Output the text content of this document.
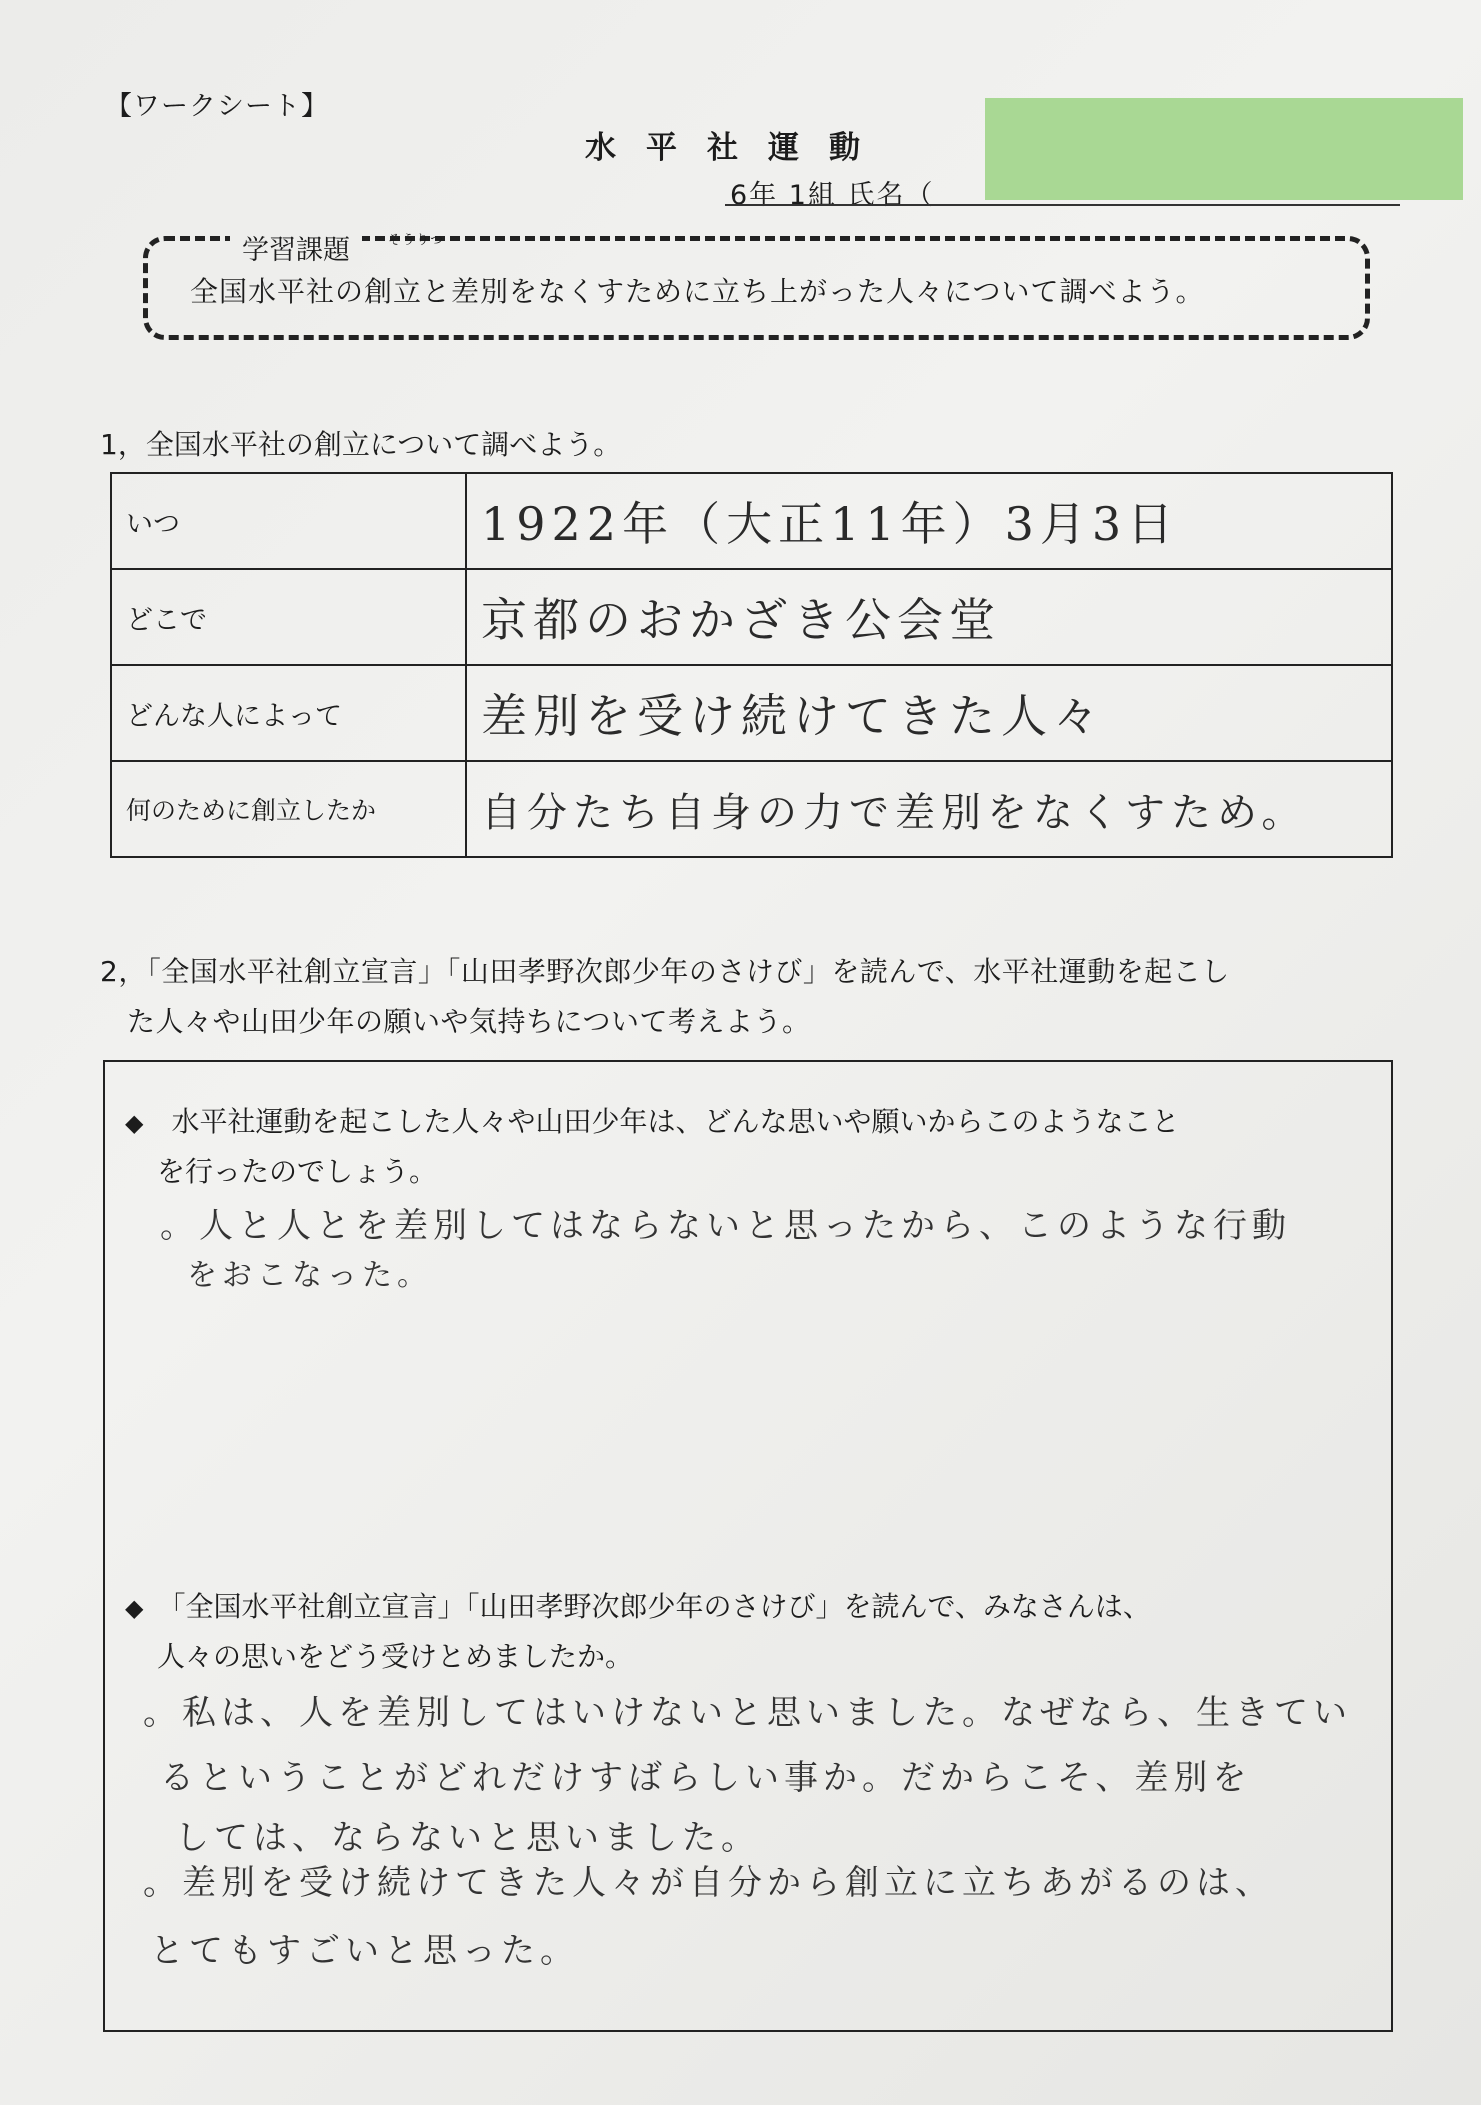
【ワークシート】
水平社運動
6年 1組 氏名（
学習課題	そうりつ
全国水平社の創立と差別をなくすために立ち上がった人々について調べよう。
1，全国水平社の創立について調べよう。
いつ	1922年（大正11年）3月3日
どこで	京都のおかざき公会堂
どんな人によって	差別を受け続けてきた人々
何のために創立したか	自分たち自身の力で差別をなくすため。
2，「全国水平社創立宣言」「山田孝野次郎少年のさけび」を読んで、水平社運動を起こし
た人々や山田少年の願いや気持ちについて考えよう。
◆　 水平社運動を起こした人々や山田少年は、どんな思いや願いからこのようなこと
を行ったのでしょう。
。人と人とを差別してはならないと思ったから、このような行動
をおこなった。
◆　 「全国水平社創立宣言」「山田孝野次郎少年のさけび」を読んで、みなさんは、
人々の思いをどう受けとめましたか。
。私は、人を差別してはいけないと思いました。なぜなら、生きてい
るということがどれだけすばらしい事か。だからこそ、差別を
しては、ならないと思いました。
。差別を受け続けてきた人々が自分から創立に立ちあがるのは、
とてもすごいと思った。
